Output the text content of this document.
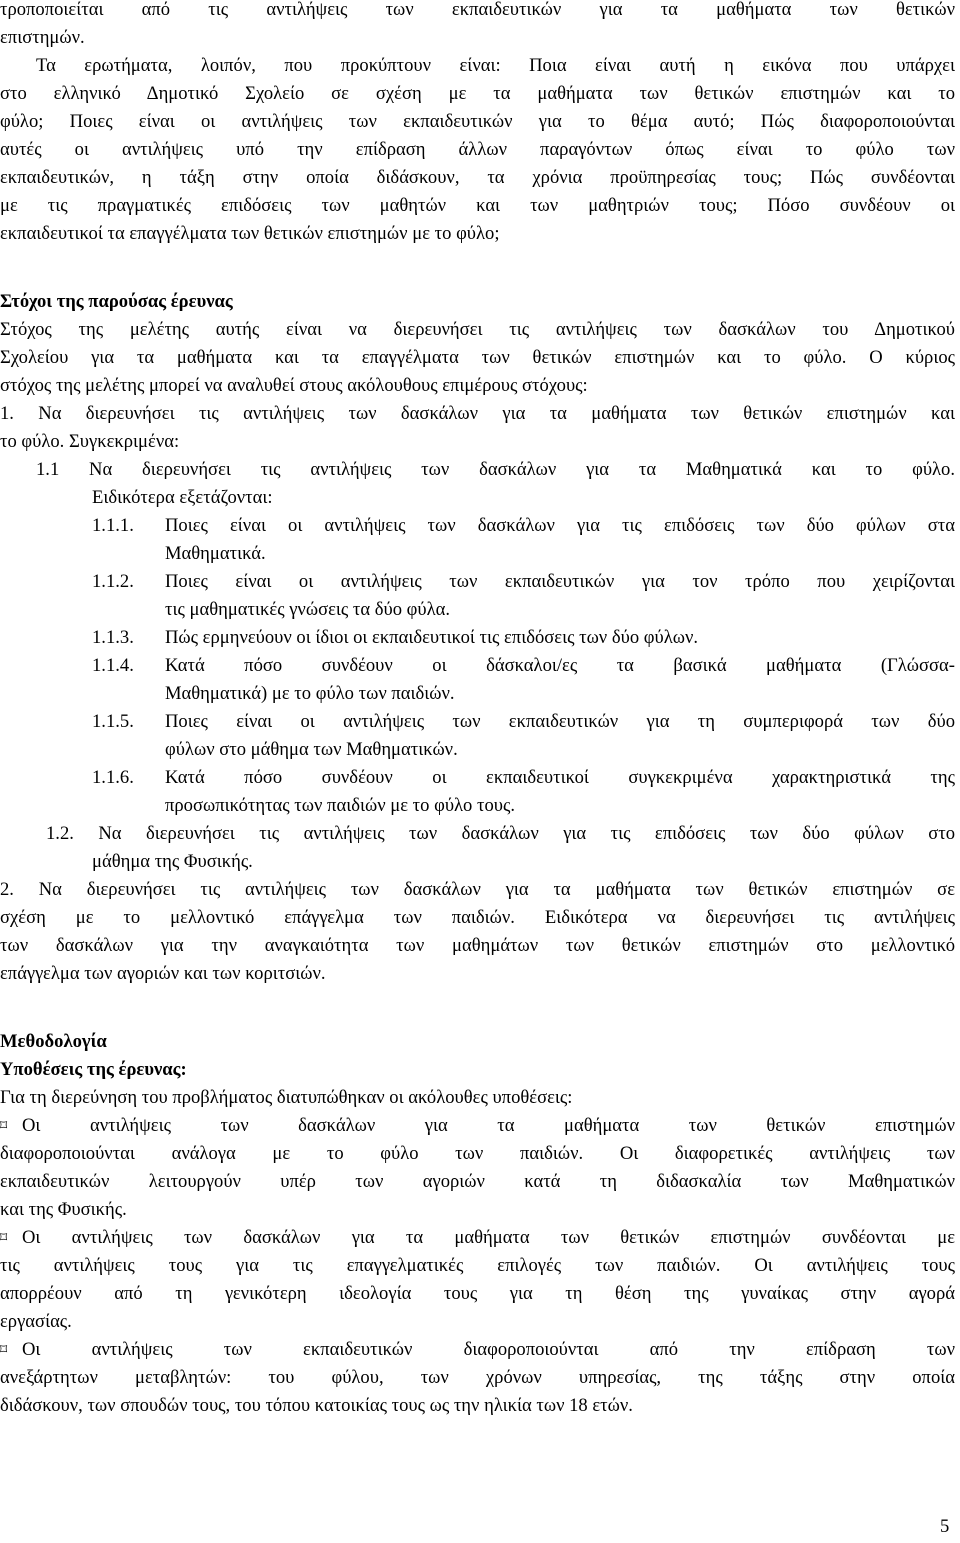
τροποποιείται από τις αντιλήψεις των εκπαιδευτικών για τα μαθήματα των θετικών
επιστημών.
Τα ερωτήματα, λοιπόν, που προκύπτουν είναι: Ποια είναι αυτή η εικόνα που υπάρχει
στο ελληνικό Δημοτικό Σχολείο σε σχέση με τα μαθήματα των θετικών επιστημών και το
φύλο; Ποιες είναι οι αντιλήψεις των εκπαιδευτικών για το θέμα αυτό; Πώς διαφοροποιούνται
αυτές οι αντιλήψεις υπό την επίδραση άλλων παραγόντων όπως είναι το φύλο των
εκπαιδευτικών, η τάξη στην οποία διδάσκουν, τα χρόνια προϋπηρεσίας τους; Πώς συνδέονται
με τις πραγματικές επιδόσεις των μαθητών και των μαθητριών τους; Πόσο συνδέουν οι
εκπαιδευτικοί τα επαγγέλματα των θετικών επιστημών με το φύλο;
Στόχοι της παρούσας έρευνας
Στόχος της μελέτης αυτής είναι να διερευνήσει τις αντιλήψεις των δασκάλων του Δημοτικού
Σχολείου για τα μαθήματα και τα επαγγέλματα των θετικών επιστημών και το φύλο. Ο κύριος
στόχος της μελέτης μπορεί να αναλυθεί στους ακόλουθους επιμέρους στόχους:
1. Να διερευνήσει τις αντιλήψεις των δασκάλων για τα μαθήματα των θετικών επιστημών και
το φύλο. Συγκεκριμένα:
1.1 Να διερευνήσει τις αντιλήψεις των δασκάλων για τα Μαθηματικά και το φύλο.
Ειδικότερα εξετάζονται:
1.1.1. Ποιες είναι οι αντιλήψεις των δασκάλων για τις επιδόσεις των δύο φύλων στα
Μαθηματικά.
1.1.2. Ποιες είναι οι αντιλήψεις των εκπαιδευτικών για τον τρόπο που χειρίζονται
τις μαθηματικές γνώσεις τα δύο φύλα.
1.1.3. Πώς ερμηνεύουν οι ίδιοι οι εκπαιδευτικοί τις επιδόσεις των δύο φύλων.
1.1.4. Κατά πόσο συνδέουν οι δάσκαλοι/ες τα βασικά μαθήματα (Γλώσσα-
Μαθηματικά) με το φύλο των παιδιών.
1.1.5. Ποιες είναι οι αντιλήψεις των εκπαιδευτικών για τη συμπεριφορά των δύο
φύλων στο μάθημα των Μαθηματικών.
1.1.6. Κατά πόσο συνδέουν οι εκπαιδευτικοί συγκεκριμένα χαρακτηριστικά της
προσωπικότητας των παιδιών με το φύλο τους.
1.2. Να διερευνήσει τις αντιλήψεις των δασκάλων για τις επιδόσεις των δύο φύλων στο
μάθημα της Φυσικής.
2. Να διερευνήσει τις αντιλήψεις των δασκάλων για τα μαθήματα των θετικών επιστημών σε
σχέση με το μελλοντικό επάγγελμα των παιδιών. Ειδικότερα να διερευνήσει τις αντιλήψεις
των δασκάλων για την αναγκαιότητα των μαθημάτων των θετικών επιστημών στο μελλοντικό
επάγγελμα των αγοριών και των κοριτσιών.
Μεθοδολογία
Υποθέσεις της έρευνας:
Για τη διερεύνηση του προβλήματος διατυπώθηκαν οι ακόλουθες υποθέσεις:
⌑ Οι αντιλήψεις των δασκάλων για τα μαθήματα των θετικών επιστημών
διαφοροποιούνται ανάλογα με το φύλο των παιδιών. Οι διαφορετικές αντιλήψεις των
εκπαιδευτικών λειτουργούν υπέρ των αγοριών κατά τη διδασκαλία των Μαθηματικών
και της Φυσικής.
⌑ Οι αντιλήψεις των δασκάλων για τα μαθήματα των θετικών επιστημών συνδέονται με
τις αντιλήψεις τους για τις επαγγελματικές επιλογές των παιδιών. Οι αντιλήψεις τους
απορρέουν από τη γενικότερη ιδεολογία τους για τη θέση της γυναίκας στην αγορά
εργασίας.
⌑ Οι αντιλήψεις των εκπαιδευτικών διαφοροποιούνται από την επίδραση των
ανεξάρτητων μεταβλητών: του φύλου, των χρόνων υπηρεσίας, της τάξης στην οποία
διδάσκουν, των σπουδών τους, του τόπου κατοικίας τους ως την ηλικία των 18 ετών.
5
